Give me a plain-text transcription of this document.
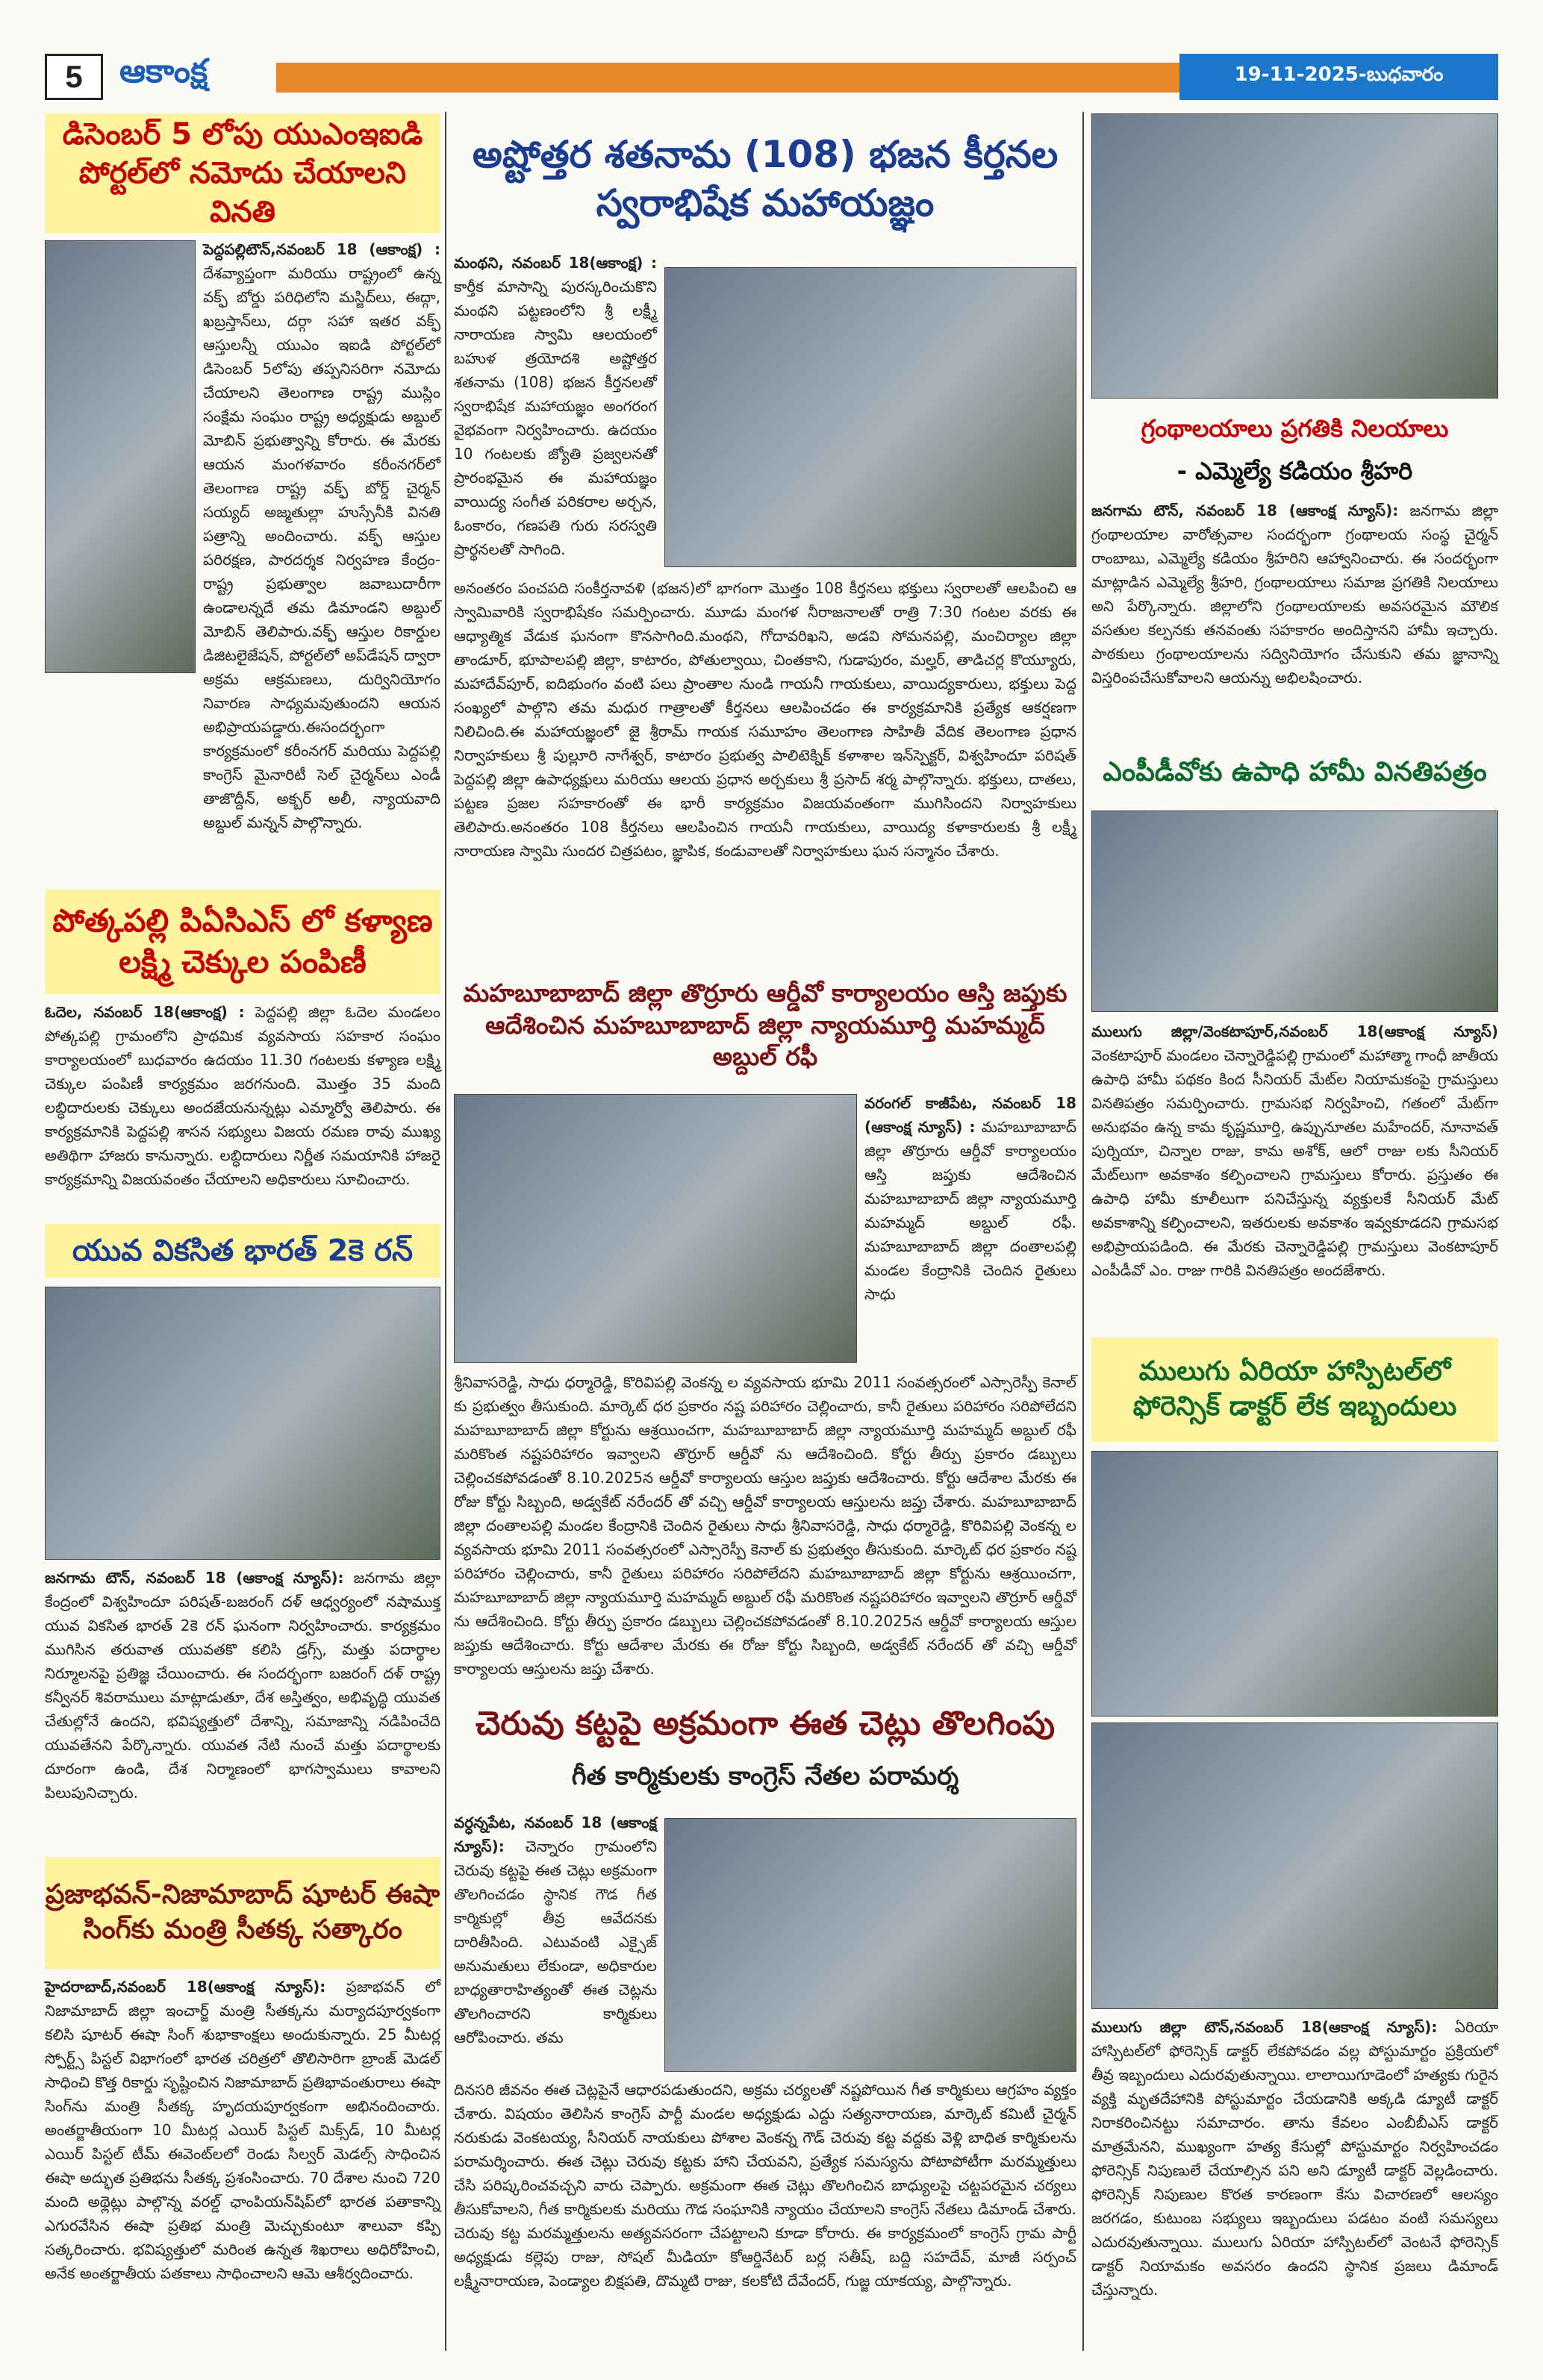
5	ఆకాంక్ష	19-11-2025-బుధవారం
డిసెంబర్ 5 లోపు యుఎంఇఐడి పోర్టల్‌లో నమోదు చేయాలని వినతి
పెద్దపల్లిటౌన్,నవంబర్ 18 (ఆకాంక్ష) : దేశవ్యాప్తంగా మరియు రాష్ట్రంలో ఉన్న వక్ఫ్ బోర్డు పరిధిలోని మస్జిద్‌లు, ఈద్గా, ఖబ్రస్తాన్‌లు, దర్గా సహా ఇతర వక్ఫ్ ఆస్తులన్నీ యుఎం ఇఐడి పోర్టల్‌లో డిసెంబర్ 5లోపు తప్పనిసరిగా నమోదు చేయాలని తెలంగాణ రాష్ట్ర ముస్లిం సంక్షేమ సంఘం రాష్ట్ర అధ్యక్షుడు అబ్దుల్ మోబిన్ ప్రభుత్వాన్ని కోరారు. ఈ మేరకు ఆయన మంగళవారం కరీంనగర్‌లో తెలంగాణ రాష్ట్ర వక్ఫ్ బోర్డ్ చైర్మన్ సయ్యద్ అజ్మతుల్లా హుస్సేనీకి వినతి పత్రాన్ని అందించారు. వక్ఫ్ ఆస్తుల పరిరక్షణ, పారదర్శక నిర్వహణ కేంద్రం-రాష్ట్ర ప్రభుత్వాల జవాబుదారీగా ఉండాలన్నదే తమ డిమాండని అబ్దుల్ మోబిన్ తెలిపారు.వక్ఫ్ ఆస్తుల రికార్డుల డిజిటలైజేషన్, పోర్టల్‌లో అప్‌డేషన్ ద్వారా అక్రమ ఆక్రమణలు, దుర్వినియోగం నివారణ సాధ్యమవుతుందని ఆయన అభిప్రాయపడ్డారు.ఈసందర్భంగా కార్యక్రమంలో కరీంనగర్ మరియు పెద్దపల్లి కాంగ్రెస్ మైనారిటీ సెల్ చైర్మన్‌లు ఎండీ తాజొద్దీన్, అక్బర్ అలీ, న్యాయవాది అబ్దుల్ మన్నన్ పాల్గొన్నారు.
పోత్కపల్లి పిఏసిఎస్ లో కళ్యాణ లక్ష్మి చెక్కుల పంపిణీ
ఓదెల, నవంబర్ 18(ఆకాంక్ష) : పెద్దపల్లి జిల్లా ఓదెల మండలం పోత్కపల్లి గ్రామంలోని ప్రాథమిక వ్యవసాయ సహకార సంఘం కార్యాలయంలో బుధవారం ఉదయం 11.30 గంటలకు కళ్యాణ లక్ష్మి చెక్కుల పంపిణీ కార్యక్రమం జరగనుంది. మొత్తం 35 మంది లబ్ధిదారులకు చెక్కులు అందజేయనున్నట్లు ఎమ్మార్వో తెలిపారు. ఈ కార్యక్రమానికి పెద్దపల్లి శాసన సభ్యులు విజయ రమణ రావు ముఖ్య అతిథిగా హాజరు కానున్నారు. లబ్ధిదారులు నిర్ణీత సమయానికి హాజరై కార్యక్రమాన్ని విజయవంతం చేయాలని అధికారులు సూచించారు.
యువ వికసిత భారత్ 2కె రన్
జనగామ టౌన్, నవంబర్ 18 (ఆకాంక్ష న్యూస్): జనగామ జిల్లా కేంద్రంలో విశ్వహిందూ పరిషత్-బజరంగ్ దళ్ ఆధ్వర్యంలో నషాముక్త యువ వికసిత భారత్ 2కె రన్ ఘనంగా నిర్వహించారు. కార్యక్రమం ముగిసిన తరువాత యువతకొ కలిసి డ్రగ్స్, మత్తు పదార్థాల నిర్మూలనపై ప్రతిజ్ఞ చేయించారు. ఈ సందర్భంగా బజరంగ్ దళ్ రాష్ట్ర కన్వీనర్ శివరాములు మాట్లాడుతూ, దేశ అస్తిత్వం, అభివృద్ధి యువత చేతుల్లోనే ఉందని, భవిష్యత్తులో దేశాన్ని, సమాజాన్ని నడిపించేది యువతేనని పేర్కొన్నారు. యువత నేటి నుంచే మత్తు పదార్థాలకు దూరంగా ఉండి, దేశ నిర్మాణంలో భాగస్వాములు కావాలని పిలుపునిచ్చారు.
ప్రజాభవన్-నిజామాబాద్ షూటర్ ఈషా సింగ్‌కు మంత్రి సీతక్క సత్కారం
హైదరాబాద్,నవంబర్ 18(ఆకాంక్ష న్యూస్): ప్రజాభవన్ లో నిజామాబాద్ జిల్లా ఇంచార్జ్ మంత్రి సీతక్కను మర్యాదపూర్వకంగా కలిసి షూటర్ ఈషా సింగ్ శుభాకాంక్షలు అందుకున్నారు. 25 మీటర్ల స్పోర్ట్స్ పిస్టల్ విభాగంలో భారత చరిత్రలో తొలిసారిగా బ్రాంజ్ మెడల్ సాధించి కొత్త రికార్డు సృష్టించిన నిజామాబాద్ ప్రతిభావంతురాలు ఈషా సింగ్‌ను మంత్రి సీతక్క హృదయపూర్వకంగా అభినందించారు. అంతర్జాతీయంగా 10 మీటర్ల ఎయిర్ పిస్టల్ మిక్స్‌డ్, 10 మీటర్ల ఎయిర్ పిస్టల్ టీమ్ ఈవెంట్‌లలో రెండు సిల్వర్ మెడల్స్ సాధించిన ఈషా అద్భుత ప్రతిభను సీతక్క ప్రశంసించారు. 70 దేశాల నుంచి 720 మంది అథ్లెట్లు పాల్గొన్న వరల్డ్ ఛాంపియన్‌షిప్‌లో భారత పతాకాన్ని ఎగురవేసిన ఈషా ప్రతిభ మంత్రి మెచ్చుకుంటూ శాలువా కప్పి సత్కరించారు. భవిష్యత్తులో మరింత ఉన్నత శిఖరాలు అధిరోహించి, అనేక అంతర్జాతీయ పతకాలు సాధించాలని ఆమె ఆశీర్వదించారు.
అష్టోత్తర శతనామ (108) భజన కీర్తనల స్వరాభిషేక మహాయజ్ఞం
మంథని, నవంబర్ 18(ఆకాంక్ష) : కార్తీక మాసాన్ని పురస్కరించుకొని మంథని పట్టణంలోని శ్రీ లక్ష్మీ నారాయణ స్వామి ఆలయంలో బహుళ త్రయోదశి అష్టోత్తర శతనామ (108) భజన కీర్తనలతో స్వరాభిషేక మహాయజ్ఞం అంగరంగ వైభవంగా నిర్వహించారు. ఉదయం 10 గంటలకు జ్యోతి ప్రజ్వలనతో ప్రారంభమైన ఈ మహాయజ్ఞం వాయిద్య సంగీత పరికరాల అర్చన, ఓంకారం, గణపతి గురు సరస్వతి ప్రార్థనలతో సాగింది.
అనంతరం పంచపది సంకీర్తనావళి (భజన)లో భాగంగా మొత్తం 108 కీర్తనలు భక్తులు స్వరాలతో ఆలపించి ఆ స్వామివారికి స్వరాభిషేకం సమర్పించారు. మూడు మంగళ నీరాజనాలతో రాత్రి 7:30 గంటల వరకు ఈ ఆధ్యాత్మిక వేడుక ఘనంగా కొనసాగింది.మంథని, గోదావరిఖని, అడవి సోమనపల్లి, మంచిర్యాల జిల్లా తాండూర్, భూపాలపల్లి జిల్లా, కాటారం, పోతుల్వాయి, చింతకాని, గుడాపురం, మల్హర్, తాడిచర్ల కొయ్యూరు, మహాదేవ్‌పూర్, ఐదిభుంగం వంటి పలు ప్రాంతాల నుండి గాయనీ గాయకులు, వాయిద్యకారులు, భక్తులు పెద్ద సంఖ్యలో పాల్గొని తమ మధుర గాత్రాలతో కీర్తనలు ఆలపించడం ఈ కార్యక్రమానికి ప్రత్యేక ఆకర్షణగా నిలిచింది.ఈ మహాయజ్ఞంలో జై శ్రీరామ్ గాయక సమూహం తెలంగాణ సాహితీ వేదిక తెలంగాణ ప్రధాన నిర్వాహకులు శ్రీ పుల్లూరి నాగేశ్వర్, కాటారం ప్రభుత్వ పాలిటెక్నిక్ కళాశాల ఇన్‌స్పెక్టర్, విశ్వహిందూ పరిషత్ పెద్దపల్లి జిల్లా ఉపాధ్యక్షులు మరియు ఆలయ ప్రధాన అర్చకులు శ్రీ ప్రసాద్ శర్మ పాల్గొన్నారు. భక్తులు, దాతలు, పట్టణ ప్రజల సహకారంతో ఈ భారీ కార్యక్రమం విజయవంతంగా ముగిసిందని నిర్వాహకులు తెలిపారు.అనంతరం 108 కీర్తనలు ఆలపించిన గాయనీ గాయకులు, వాయిద్య కళాకారులకు శ్రీ లక్ష్మీ నారాయణ స్వామి సుందర చిత్రపటం, జ్ఞాపిక, కండువాలతో నిర్వాహకులు ఘన సన్మానం చేశారు.
మహబూబాబాద్ జిల్లా తొర్రూరు ఆర్డీవో కార్యాలయం ఆస్తి జప్తుకు ఆదేశించిన మహబూబాబాద్ జిల్లా న్యాయమూర్తి మహమ్మద్ అబ్దుల్ రఫీ
వరంగల్ కాజీపేట, నవంబర్ 18 (ఆకాంక్ష న్యూస్) : మహబూబాబాద్ జిల్లా తొర్రూరు ఆర్డీవో కార్యాలయం ఆస్తి జప్తుకు ఆదేశించిన మహబూబాబాద్ జిల్లా న్యాయమూర్తి మహమ్మద్ అబ్దుల్ రఫీ. మహబూబాబాద్ జిల్లా దంతాలపల్లి మండల కేంద్రానికి చెందిన రైతులు సాధు
శ్రీనివాసరెడ్డి, సాధు ధర్మారెడ్డి, కొరివిపల్లి వెంకన్న ల వ్యవసాయ భూమి 2011 సంవత్సరంలో ఎస్సారెస్పీ కెనాల్ కు ప్రభుత్వం తీసుకుంది. మార్కెట్ ధర ప్రకారం నష్ట పరిహారం చెల్లించారు, కానీ రైతులు పరిహారం సరిపోలేదని మహబూబాబాద్ జిల్లా కోర్టును ఆశ్రయించగా, మహబూబాబాద్ జిల్లా న్యాయమూర్తి మహమ్మద్ అబ్దుల్ రఫీ మరికొంత నష్టపరిహారం ఇవ్వాలని తొర్రూర్ ఆర్డీవో ను ఆదేశించింది. కోర్టు తీర్పు ప్రకారం డబ్బులు చెల్లించకపోవడంతో 8.10.2025న ఆర్డీవో కార్యాలయ ఆస్తుల జప్తుకు ఆదేశించారు. కోర్టు ఆదేశాల మేరకు ఈ రోజు కోర్టు సిబ్బంది, అడ్వకేట్ నరేందర్ తో వచ్చి ఆర్డీవో కార్యాలయ ఆస్తులను జప్తు చేశారు. మహబూబాబాద్ జిల్లా దంతాలపల్లి మండల కేంద్రానికి చెందిన రైతులు సాధు శ్రీనివాసరెడ్డి, సాధు ధర్మారెడ్డి, కొరివిపల్లి వెంకన్న ల వ్యవసాయ భూమి 2011 సంవత్సరంలో ఎస్సారెస్పీ కెనాల్ కు ప్రభుత్వం తీసుకుంది. మార్కెట్ ధర ప్రకారం నష్ట పరిహారం చెల్లించారు, కానీ రైతులు పరిహారం సరిపోలేదని మహబూబాబాద్ జిల్లా కోర్టును ఆశ్రయించగా, మహబూబాబాద్ జిల్లా న్యాయమూర్తి మహమ్మద్ అబ్దుల్ రఫీ మరికొంత నష్టపరిహారం ఇవ్వాలని తొర్రూర్ ఆర్డీవో ను ఆదేశించింది. కోర్టు తీర్పు ప్రకారం డబ్బులు చెల్లించకపోవడంతో 8.10.2025న ఆర్డీవో కార్యాలయ ఆస్తుల జప్తుకు ఆదేశించారు. కోర్టు ఆదేశాల మేరకు ఈ రోజు కోర్టు సిబ్బంది, అడ్వకేట్ నరేందర్ తో వచ్చి ఆర్డీవో కార్యాలయ ఆస్తులను జప్తు చేశారు.
చెరువు కట్టపై అక్రమంగా ఈత చెట్లు తొలగింపు
గీత కార్మికులకు కాంగ్రెస్ నేతల పరామర్శ
వర్ధన్నపేట, నవంబర్ 18 (ఆకాంక్ష న్యూస్): చెన్నారం గ్రామంలోని చెరువు కట్టపై ఈత చెట్లు అక్రమంగా తొలగించడం స్థానిక గౌడ గీత కార్మికుల్లో తీవ్ర ఆవేదనకు దారితీసింది. ఎటువంటి ఎక్సైజ్ అనుమతులు లేకుండా, అధికారుల బాధ్యతారాహిత్యంతో ఈత చెట్లను తొలగించారని కార్మికులు ఆరోపించారు. తమ
దినసరి జీవనం ఈత చెట్లపైనే ఆధారపడుతుందని, అక్రమ చర్యలతో నష్టపోయిన గీత కార్మికులు ఆగ్రహం వ్యక్తం చేశారు. విషయం తెలిసిన కాంగ్రెస్ పార్టీ మండల అధ్యక్షుడు ఎద్దు సత్యనారాయణ, మార్కెట్ కమిటీ చైర్మన్ నరుకుడు వెంకటయ్య, సీనియర్ నాయకులు పోశాల వెంకన్న గౌడ్ చెరువు కట్ట వద్దకు వెళ్లి బాధిత కార్మికులను పరామర్శించారు. ఈత చెట్లు చెరువు కట్టకు హాని చేయవని, ప్రత్యేక సమస్యను పోటాపోటీగా మరమ్మత్తులు చేసి పరిష్కరించవచ్చని వారు చెప్పారు. అక్రమంగా ఈత చెట్లు తొలగించిన బాధ్యులపై చట్టపరమైన చర్యలు తీసుకోవాలని, గీత కార్మికులకు మరియు గౌడ సంఘానికి న్యాయం చేయాలని కాంగ్రెస్ నేతలు డిమాండ్ చేశారు. చెరువు కట్ట మరమ్మత్తులను అత్యవసరంగా చేపట్టాలని కూడా కోరారు. ఈ కార్యక్రమంలో కాంగ్రెస్ గ్రామ పార్టీ అధ్యక్షుడు కల్లెపు రాజు, సోషల్ మీడియా కోఆర్డినేటర్ బర్ల సతీష్, బద్ది సహదేవ్, మాజీ సర్పంచ్ లక్ష్మీనారాయణ, పెండ్యాల బిక్షపతి, దొమ్మటి రాజు, కలకోటి దేవేందర్, గుజ్జ యాకయ్య, పాల్గొన్నారు.
గ్రంథాలయాలు ప్రగతికి నిలయాలు
- ఎమ్మెల్యే కడియం శ్రీహరి
జనగామ టౌన్, నవంబర్ 18 (ఆకాంక్ష న్యూస్): జనగామ జిల్లా గ్రంథాలయాల వారోత్సవాల సందర్భంగా గ్రంథాలయ సంస్థ చైర్మన్ రాంబాబు, ఎమ్మెల్యే కడియం శ్రీహరిని ఆహ్వానించారు. ఈ సందర్భంగా మాట్లాడిన ఎమ్మెల్యే శ్రీహరి, గ్రంథాలయాలు సమాజ ప్రగతికి నిలయాలు అని పేర్కొన్నారు. జిల్లాలోని గ్రంథాలయాలకు అవసరమైన మౌలిక వసతుల కల్పనకు తనవంతు సహకారం అందిస్తానని హామీ ఇచ్చారు. పాఠకులు గ్రంథాలయాలను సద్వినియోగం చేసుకుని తమ జ్ఞానాన్ని విస్తరింపచేసుకోవాలని ఆయన్ను అభిలషించారు.
ఎంపీడీవోకు ఉపాధి హామీ వినతిపత్రం
ములుగు జిల్లా/వెంకటాపూర్,నవంబర్ 18(ఆకాంక్ష న్యూస్) వెంకటాపూర్ మండలం చెన్నారెడ్డిపల్లి గ్రామంలో మహాత్మా గాంధీ జాతీయ ఉపాధి హామీ పథకం కింద సీనియర్ మేట్‌ల నియామకంపై గ్రామస్తులు వినతిపత్రం సమర్పించారు. గ్రామసభ నిర్వహించి, గతంలో మేట్‌గా అనుభవం ఉన్న కామ కృష్ణమూర్తి, ఉప్పునూతల మహేందర్, నూనావత్ పుర్నియా, చిన్నాల రాజు, కామ అశోక్, ఆలో రాజు లకు సీనియర్ మేట్‌లుగా అవకాశం కల్పించాలని గ్రామస్తులు కోరారు. ప్రస్తుతం ఈ ఉపాధి హామీ కూలీలుగా పనిచేస్తున్న వ్యక్తులకే సీనియర్ మేట్ అవకాశాన్ని కల్పించాలని, ఇతరులకు అవకాశం ఇవ్వకూడదని గ్రామసభ అభిప్రాయపడింది. ఈ మేరకు చెన్నారెడ్డిపల్లి గ్రామస్తులు వెంకటాపూర్ ఎంపీడీవో ఎం. రాజు గారికి వినతిపత్రం అందజేశారు.
ములుగు ఏరియా హాస్పిటల్‌లో ఫోరెన్సిక్ డాక్టర్ లేక ఇబ్బందులు
ములుగు జిల్లా టౌన్,నవంబర్ 18(ఆకాంక్ష న్యూస్): ఏరియా హాస్పిటల్‌లో ఫోరెన్సిక్ డాక్టర్ లేకపోవడం వల్ల పోస్టుమార్టం ప్రక్రియలో తీవ్ర ఇబ్బందులు ఎదురవుతున్నాయి. లాలాయిగూడెంలో హత్యకు గురైన వ్యక్తి మృతదేహానికి పోస్టుమార్టం చేయడానికి అక్కడి డ్యూటీ డాక్టర్ నిరాకరించినట్టు సమాచారం. తాను కేవలం ఎంబీబీఎస్ డాక్టర్ మాత్రమేనని, ముఖ్యంగా హత్య కేసుల్లో పోస్టుమార్టం నిర్వహించడం ఫోరెన్సిక్ నిపుణులే చేయాల్సిన పని అని డ్యూటీ డాక్టర్ వెల్లడించారు. ఫోరెన్సిక్ నిపుణుల కొరత కారణంగా కేసు విచారణలో ఆలస్యం జరగడం, కుటుంబ సభ్యులు ఇబ్బందులు పడటం వంటి సమస్యలు ఎదురవుతున్నాయి. ములుగు ఏరియా హాస్పిటల్‌లో వెంటనే ఫోరెన్సిక్ డాక్టర్ నియామకం అవసరం ఉందని స్థానిక ప్రజలు డిమాండ్ చేస్తున్నారు.
